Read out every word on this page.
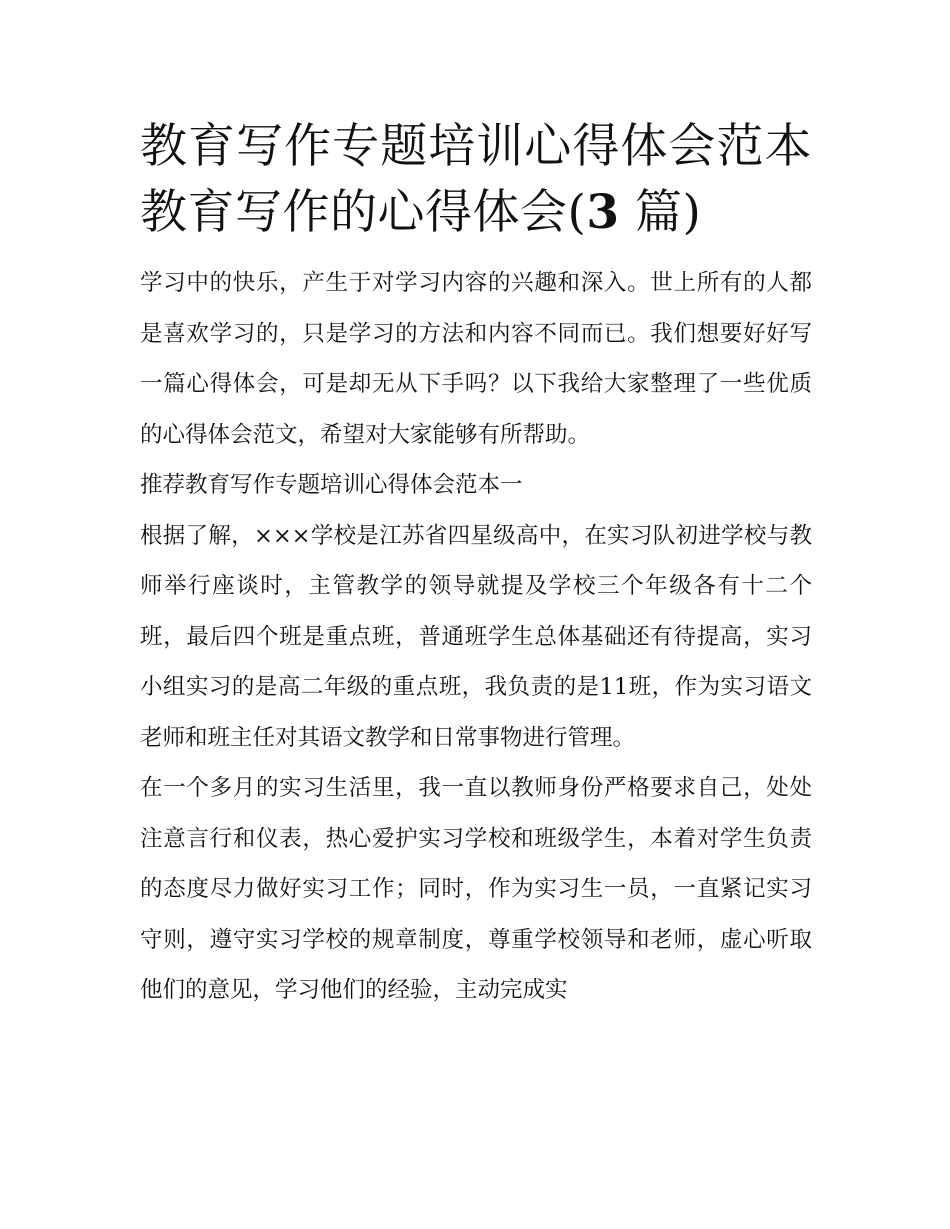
教育写作专题培训心得体会范本 教育写作的心得体会(3 篇)

学习中的快乐，产生于对学习内容的兴趣和深入。世上所有的人都是喜欢学习的，只是学习的方法和内容不同而已。我们想要好好写一篇心得体会，可是却无从下手吗？以下我给大家整理了一些优质的心得体会范文，希望对大家能够有所帮助。

推荐教育写作专题培训心得体会范本一

根据了解，×××学校是江苏省四星级高中，在实习队初进学校与教师举行座谈时，主管教学的领导就提及学校三个年级各有十二个班，最后四个班是重点班，普通班学生总体基础还有待提高，实习小组实习的是高二年级的重点班，我负责的是11班，作为实习语文老师和班主任对其语文教学和日常事物进行管理。

在一个多月的实习生活里，我一直以教师身份严格要求自己，处处注意言行和仪表，热心爱护实习学校和班级学生，本着对学生负责的态度尽力做好实习工作；同时，作为实习生一员，一直紧记实习守则，遵守实习学校的规章制度，尊重学校领导和老师，虚心听取他们的意见，学习他们的经验，主动完成实
